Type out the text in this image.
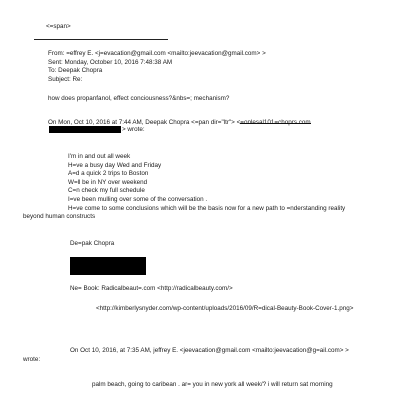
<=span>
From: =effrey E. <j=evacation@gmail.com <mailto:jeevacation@gmail.com> >
Sent: Monday, October 10, 2016 7:48:38 AM
To: Deepak Chopra
Subject: Re:
how does propanfanol, effect conciousness?&nbs=; mechanism?
On Mon, Oct 10, 2016 at 7:44 AM, Deepak Chopra <=pan dir="ltr"> <
> wrote:
I'm in and out all week
H=ve a busy day Wed and Friday
A=d a quick 2 trips to Boston
W=ll be in NY over weekend
C=n check my full schedule
I=ve been mulling over some of the conversation .
H=ve come to some conclusions which will be the basis now for a new path to =nderstanding reality
beyond human constructs
De=pak Chopra
Ne= Book: Radicalbeaut=.com <http://radicalbeauty.com/>
<http://kimberlysnyder.com/wp-content/uploads/2016/09/R=dical-Beauty-Book-Cover-1.png>
On Oct 10, 2016, at 7:35 AM, jeffrey E. <jeevacation@gmail.com <mailto:jeevacation@g=ail.com> >
wrote:
palm beach, going to caribean . ar= you in new york all week/? i will return sat morning
